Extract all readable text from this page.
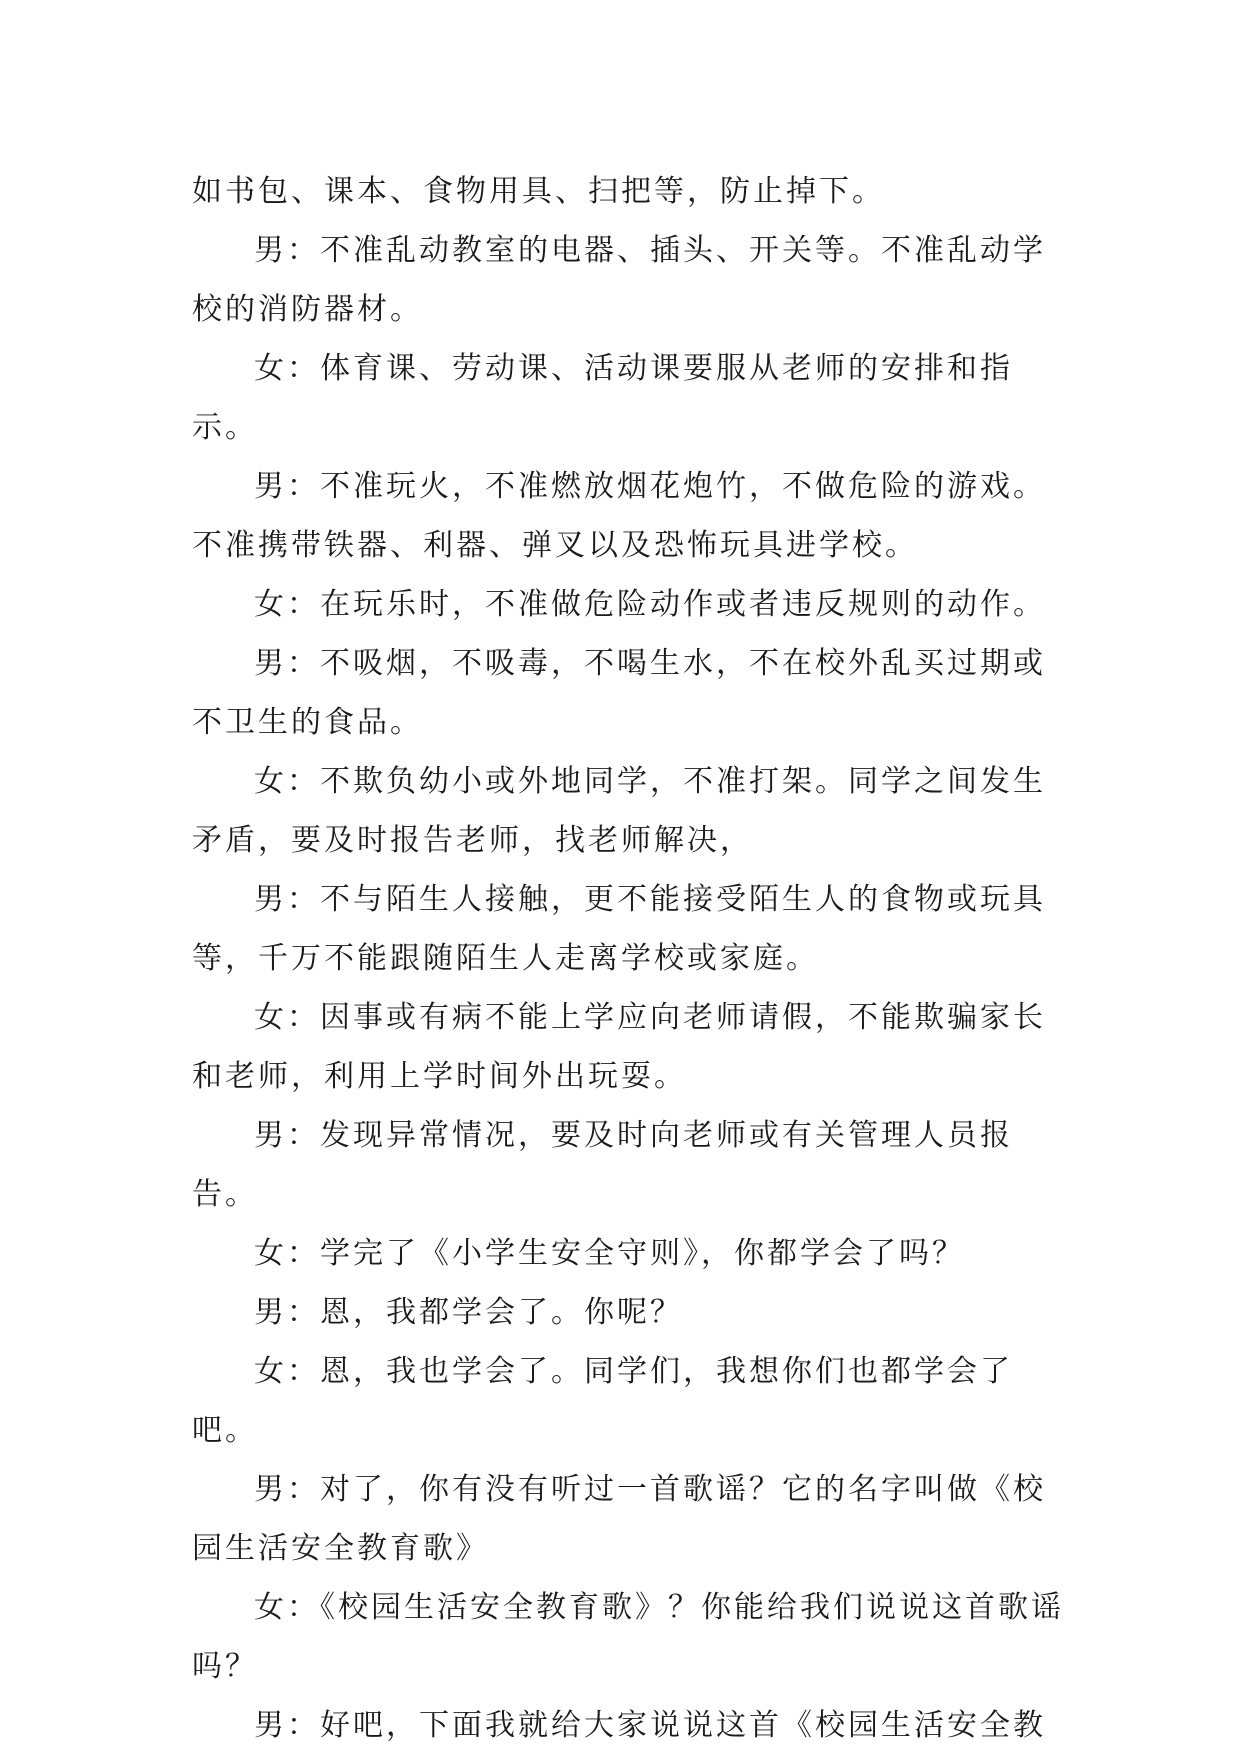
如书包、课本、食物用具、扫把等，防止掉下。

男：不准乱动教室的电器、插头、开关等。不准乱动学校的消防器材。

女：体育课、劳动课、活动课要服从老师的安排和指示。

男：不准玩火，不准燃放烟花炮竹，不做危险的游戏。不准携带铁器、利器、弹叉以及恐怖玩具进学校。

女：在玩乐时，不准做危险动作或者违反规则的动作。

男：不吸烟，不吸毒，不喝生水，不在校外乱买过期或不卫生的食品。

女：不欺负幼小或外地同学，不准打架。同学之间发生矛盾，要及时报告老师，找老师解决，

男：不与陌生人接触，更不能接受陌生人的食物或玩具等，千万不能跟随陌生人走离学校或家庭。

女：因事或有病不能上学应向老师请假，不能欺骗家长和老师，利用上学时间外出玩耍。

男：发现异常情况，要及时向老师或有关管理人员报告。

女：学完了《小学生安全守则》，你都学会了吗？

男：恩，我都学会了。你呢？

女：恩，我也学会了。同学们，我想你们也都学会了吧。

男：对了，你有没有听过一首歌谣？它的名字叫做《校园生活安全教育歌》

女：《校园生活安全教育歌》？你能给我们说说这首歌谣吗？

男：好吧，下面我就给大家说说这首《校园生活安全教
